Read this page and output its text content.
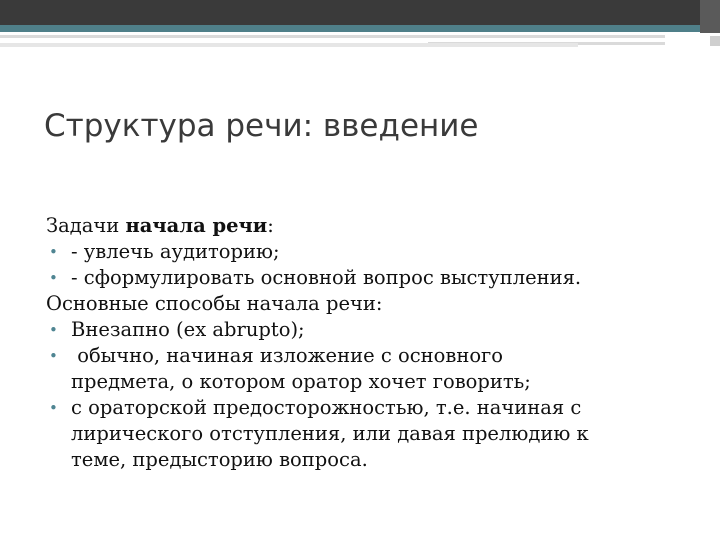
Структура речи: введение

Задачи начала речи:

• - увлечь аудиторию;
• - сформулировать основной вопрос выступления.

Основные способы начала речи:

• Внезапно (ex abrupto);
• обычно, начиная изложение с основного
предмета, о котором оратор хочет говорить;
• с ораторской предосторожностью, т.е. начиная с
лирического отступления, или давая прелюдию к
теме, предысторию вопроса.
